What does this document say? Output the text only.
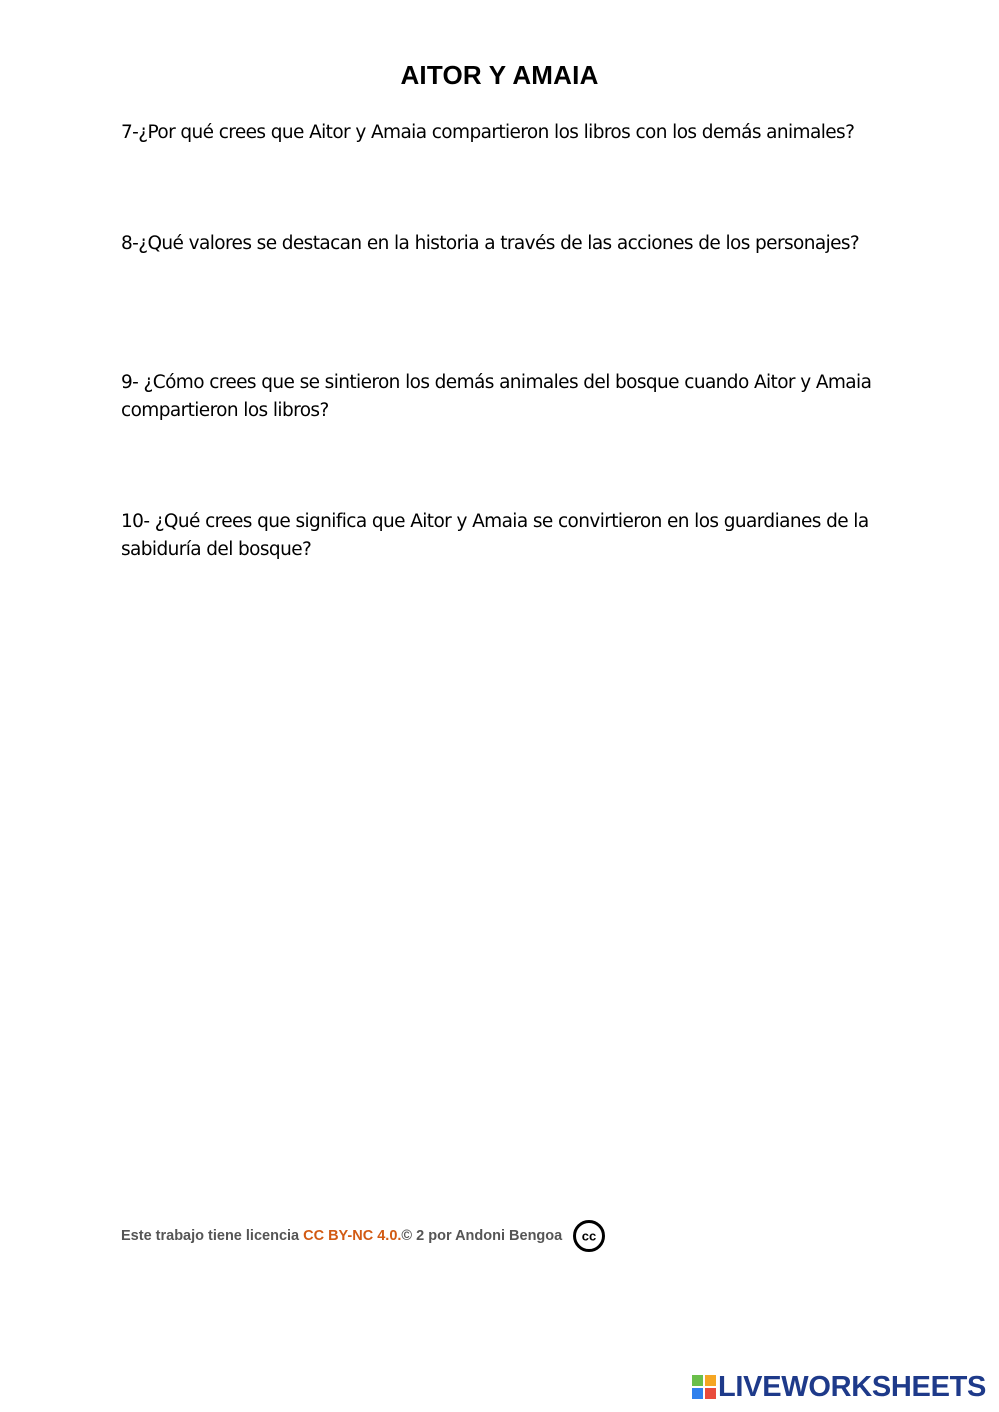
AITOR Y AMAIA

7-¿Por qué crees que Aitor y Amaia compartieron los libros con los demás animales?

8-¿Qué valores se destacan en la historia a través de las acciones de los personajes?

9- ¿Cómo crees que se sintieron los demás animales del bosque cuando Aitor y Amaia compartieron los libros?

10- ¿Qué crees que significa que Aitor y Amaia se convirtieron en los guardianes de la sabiduría del bosque?

Este trabajo tiene licencia CC BY-NC 4.0. © 2 por Andoni Bengoa cc
LIVEWORKSHEETS
